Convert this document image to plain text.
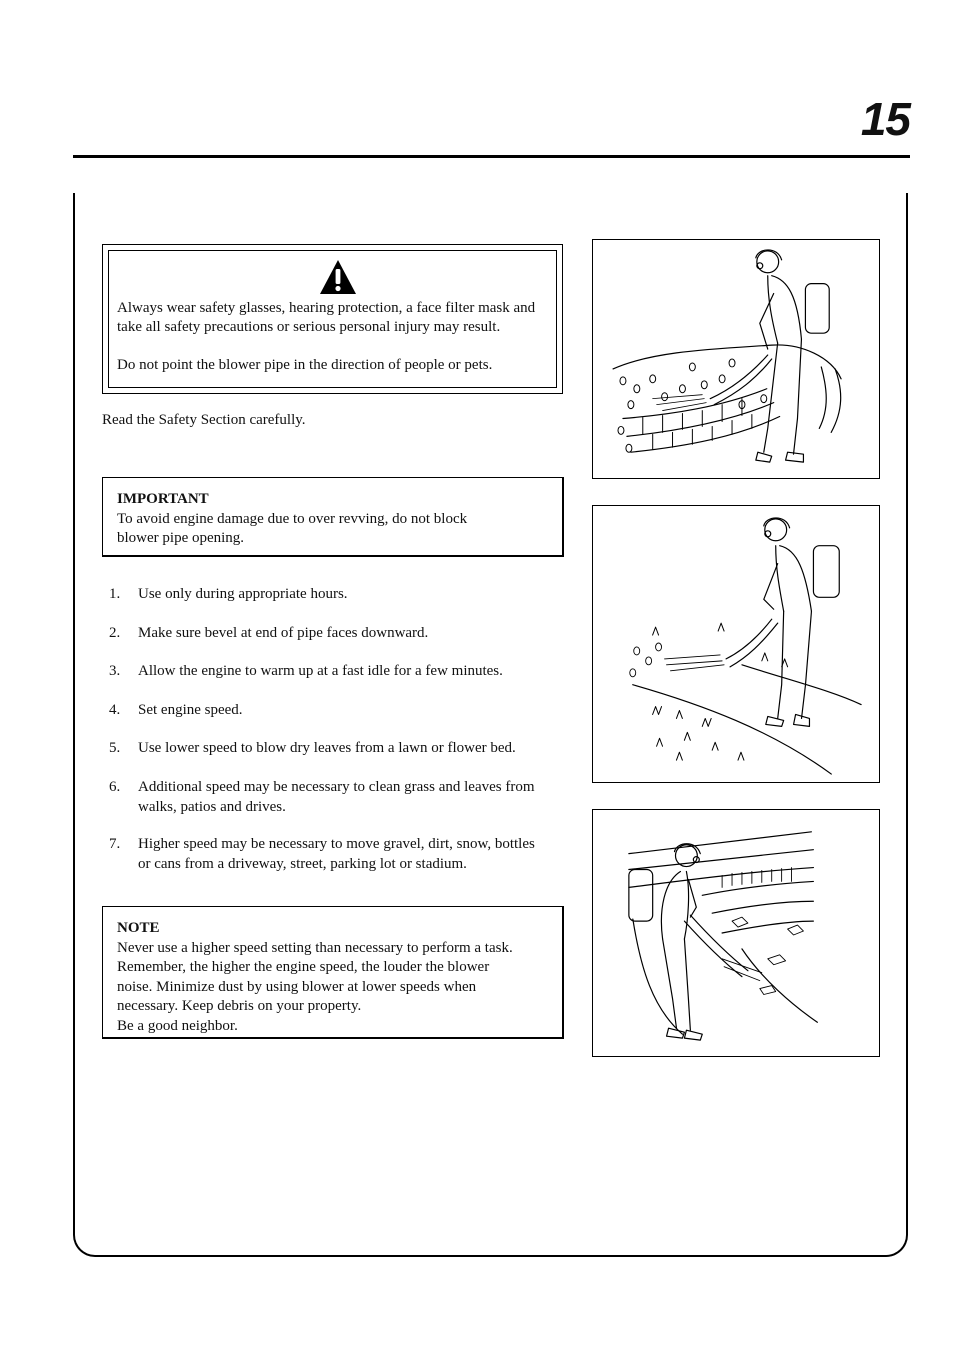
15
Always wear safety glasses, hearing protection, a face filter mask and take all safety precautions or serious personal injury may result.
Do not point the blower pipe in the direction of people or pets.
Read the Safety Section carefully.
IMPORTANT
To avoid engine damage due to over revving, do not block
blower pipe opening.
1. Use only during appropriate hours.
2. Make sure bevel at end of pipe faces downward.
3. Allow the engine to warm up at a fast idle for a few minutes.
4. Set engine speed.
5. Use lower speed to blow dry leaves from a lawn or flower bed.
6. Additional speed may be necessary to clean grass and leaves from
walks, patios and drives.
7. Higher speed may be necessary to move gravel, dirt, snow, bottles
or cans from a driveway, street, parking lot or stadium.
NOTE
Never use a higher speed setting than necessary to perform a task.
Remember, the higher the engine speed, the louder the blower
noise. Minimize dust by using blower at lower speeds when
necessary. Keep debris on your property.
Be a good neighbor.
